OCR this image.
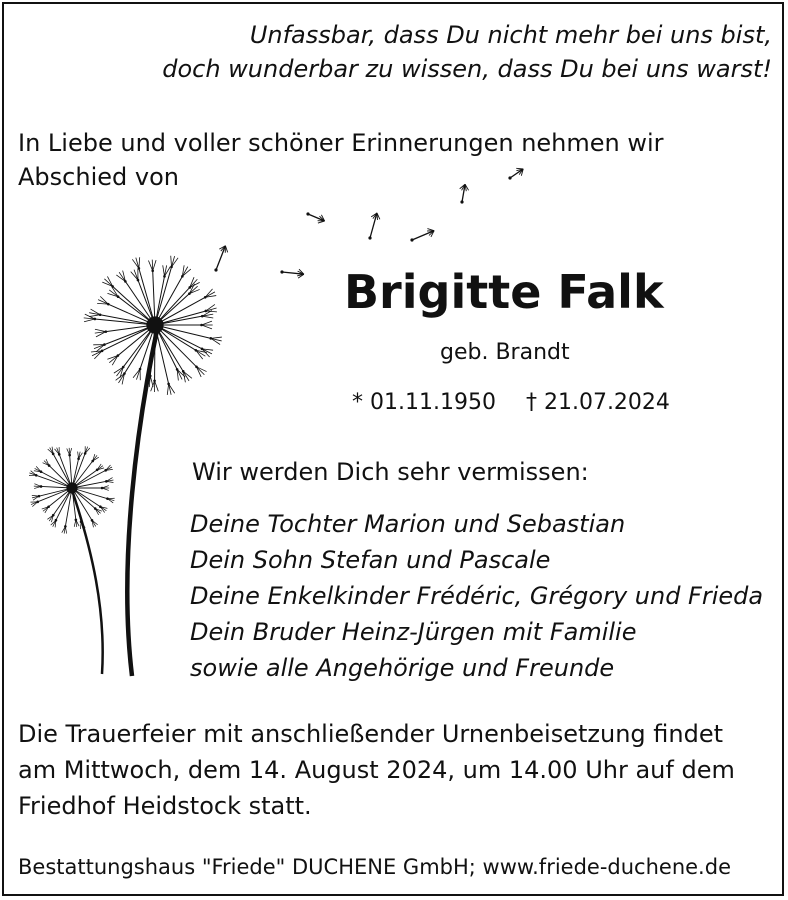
Unfassbar, dass Du nicht mehr bei uns bist,
doch wunderbar zu wissen, dass Du bei uns warst!
In Liebe und voller schöner Erinnerungen nehmen wir
Abschied von
Brigitte Falk
geb. Brandt
* 01.11.1950 † 21.07.2024
Wir werden Dich sehr vermissen:
Deine Tochter Marion und Sebastian
Dein Sohn Stefan und Pascale
Deine Enkelkinder Frédéric, Grégory und Frieda
Dein Bruder Heinz-Jürgen mit Familie
sowie alle Angehörige und Freunde
Die Trauerfeier mit anschließender Urnenbeisetzung findet
am Mittwoch, dem 14. August 2024, um 14.00 Uhr auf dem
Friedhof Heidstock statt.
Bestattungshaus "Friede" DUCHENE GmbH; www.friede-duchene.de
